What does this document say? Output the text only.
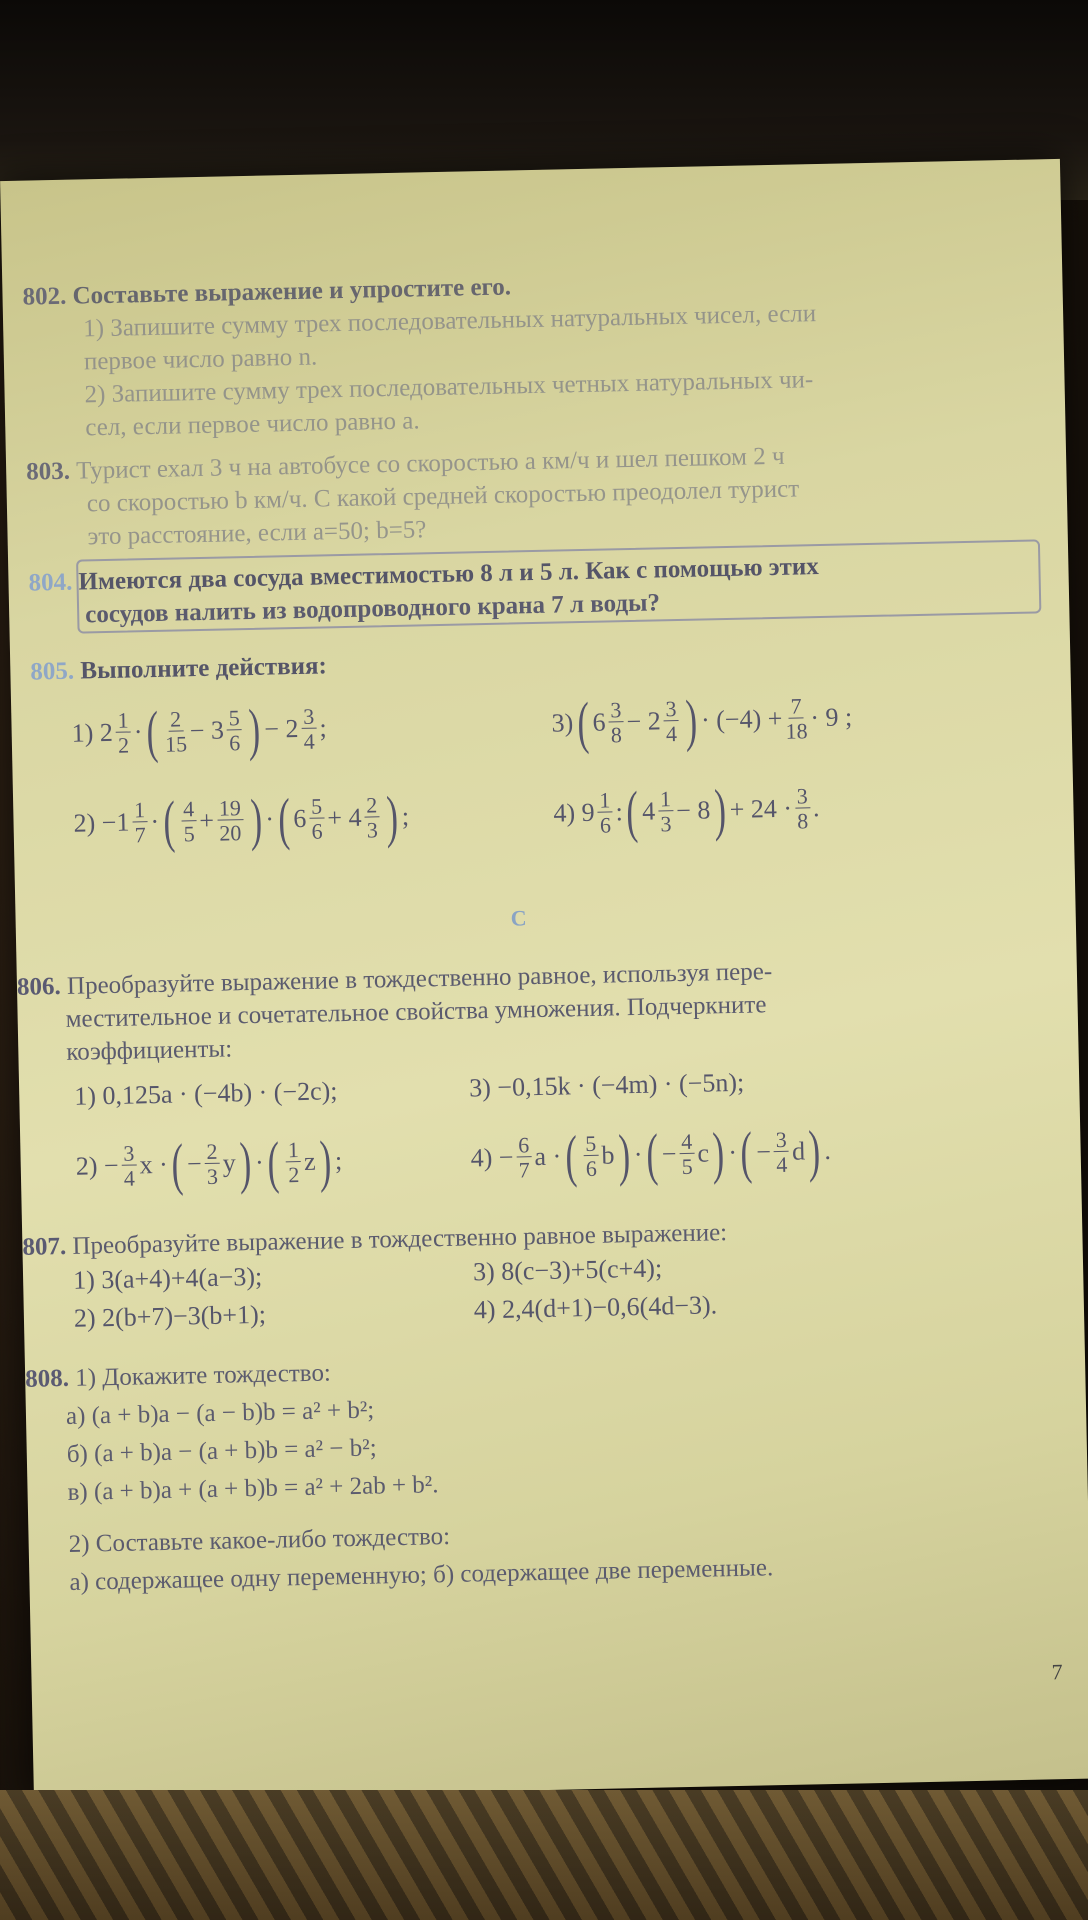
802. Составьте выражение и упростите его.
1) Запишите сумму трех последовательных натуральных чисел, если
первое число равно n.
2) Запишите сумму трех последовательных четных натуральных чи-
сел, если первое число равно a.
803. Турист ехал 3 ч на автобусе со скоростью a км/ч и шел пешком 2 ч
со скоростью b км/ч. С какой средней скоростью преодолел турист
это расстояние, если a=50; b=5?
804. Имеются два сосуда вместимостью 8 л и 5 л. Как с помощью этих
сосудов налить из водопроводного крана 7 л воды?
805. Выполните действия:
1) $2 \frac{1}{2}$ · ( $\frac{2}{15} - 3 \frac{5}{6}$ ) − $2 \frac{3}{4}$ ;	3) ( $6 \frac{3}{8} - 2 \frac{3}{4}$ ) · $(-4) + \frac{7}{18} \cdot 9$ ;
$2) -1 \frac{1}{7}$ · ( $\frac{4}{5} + \frac{19}{20}$ ) · ( $6 \frac{5}{6} + 4 \frac{2}{3}$ ) ;	4) $9 \frac{1}{6}$ : ( $4 \frac{1}{3} - 8$ ) + $24 \cdot \frac{3}{8}$ .
С
806. Преобразуйте выражение в тождественно равное, используя пере-
местительное и сочетательное свойства умножения. Подчеркните
коэффициенты:
1) 0,125a · (−4b) · (−2c);	3) −0,15k · (−4m) · (−5n);
$2) - \frac{3}{4}$ x · ( − $\frac{2}{3}$ y ) · ( $\frac{1}{2}$ z ) ;	$4) - \frac{6}{7}$ a · ( $\frac{5}{6}$ b ) · ( − $\frac{4}{5}$ c ) · ( − $\frac{3}{4}$ d ) .
807. Преобразуйте выражение в тождественно равное выражение:
1) 3(a+4)+4(a−3);	3) 8(c−3)+5(c+4);
2) 2(b+7)−3(b+1);	4) 2,4(d+1)−0,6(4d−3).
808. 1) Докажите тождество:
а) (a + b)a − (a − b)b = a² + b²;
б) (a + b)a − (a + b)b = a² − b²;
в) (a + b)a + (a + b)b = a² + 2ab + b².
2) Составьте какое-либо тождество:
а) содержащее одну переменную; б) содержащее две переменные.
7
